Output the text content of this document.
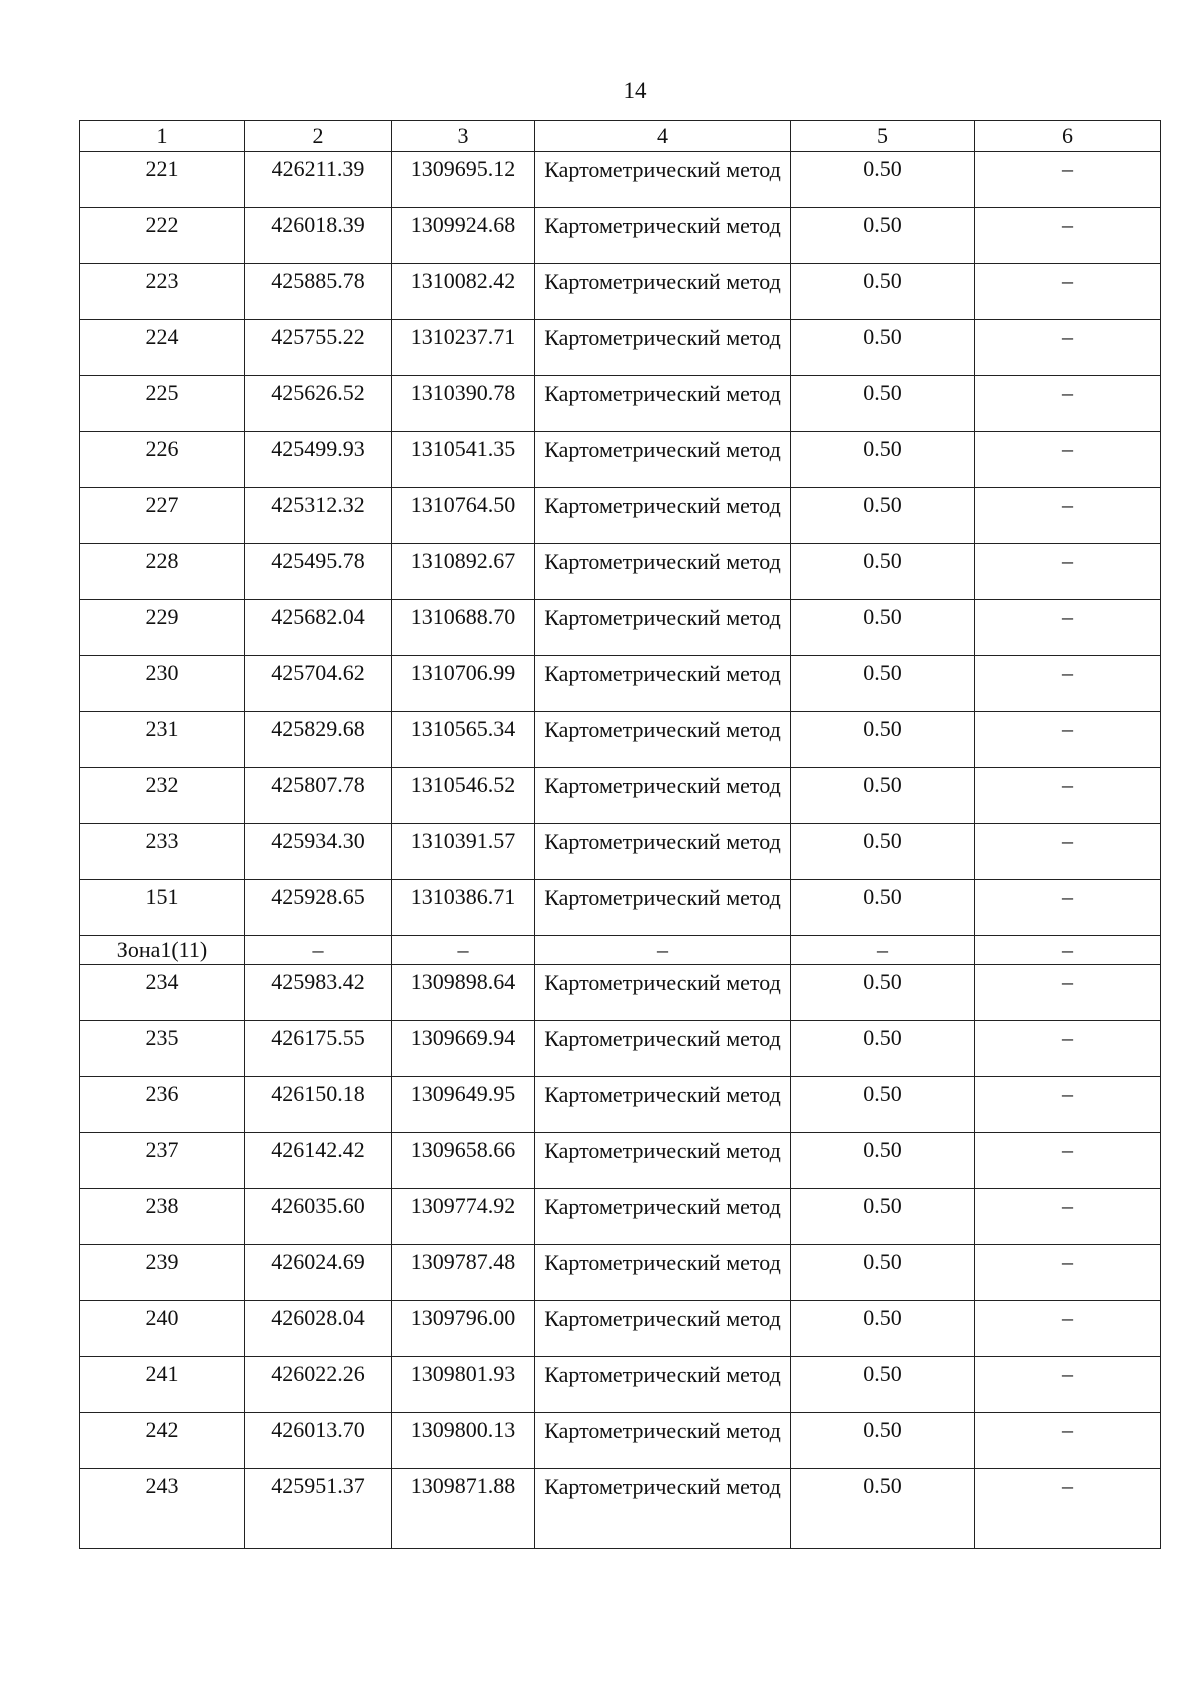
14
1	2	3	4	5	6
221	426211.39	1309695.12	Картометрический метод	0.50	–
222	426018.39	1309924.68	Картометрический метод	0.50	–
223	425885.78	1310082.42	Картометрический метод	0.50	–
224	425755.22	1310237.71	Картометрический метод	0.50	–
225	425626.52	1310390.78	Картометрический метод	0.50	–
226	425499.93	1310541.35	Картометрический метод	0.50	–
227	425312.32	1310764.50	Картометрический метод	0.50	–
228	425495.78	1310892.67	Картометрический метод	0.50	–
229	425682.04	1310688.70	Картометрический метод	0.50	–
230	425704.62	1310706.99	Картометрический метод	0.50	–
231	425829.68	1310565.34	Картометрический метод	0.50	–
232	425807.78	1310546.52	Картометрический метод	0.50	–
233	425934.30	1310391.57	Картометрический метод	0.50	–
151	425928.65	1310386.71	Картометрический метод	0.50	–
Зона1(11)	–	–	–	–	–
234	425983.42	1309898.64	Картометрический метод	0.50	–
235	426175.55	1309669.94	Картометрический метод	0.50	–
236	426150.18	1309649.95	Картометрический метод	0.50	–
237	426142.42	1309658.66	Картометрический метод	0.50	–
238	426035.60	1309774.92	Картометрический метод	0.50	–
239	426024.69	1309787.48	Картометрический метод	0.50	–
240	426028.04	1309796.00	Картометрический метод	0.50	–
241	426022.26	1309801.93	Картометрический метод	0.50	–
242	426013.70	1309800.13	Картометрический метод	0.50	–
243	425951.37	1309871.88	Картометрический метод	0.50	–
